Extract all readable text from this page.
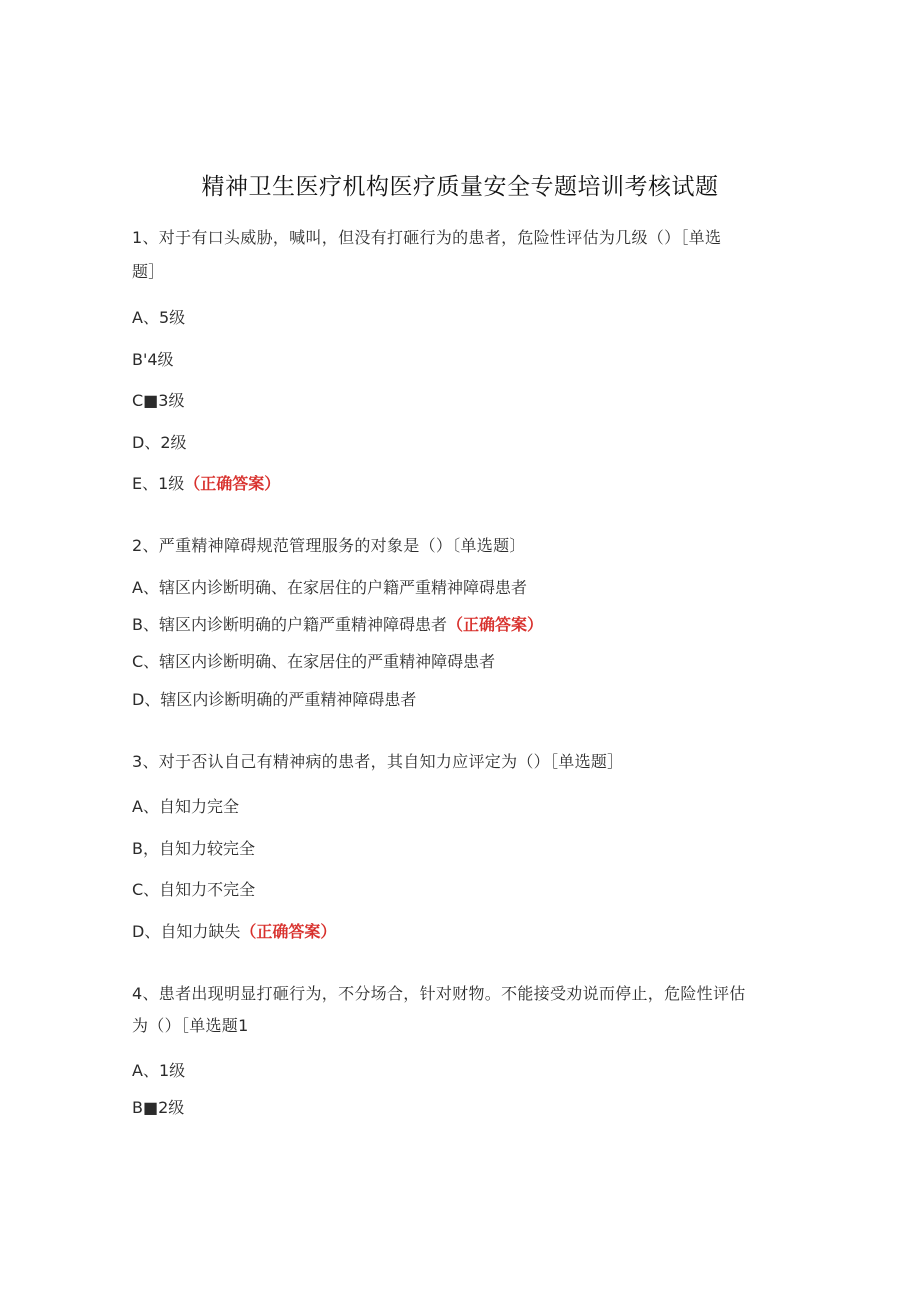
精神卫生医疗机构医疗质量安全专题培训考核试题
1、对于有口头威胁，喊叫，但没有打砸行为的患者，危险性评估为几级（）［单选
题］
A、5级
B'4级
C■3级
D、2级
E、1级（正确答案）
2、严重精神障碍规范管理服务的对象是（）〔单选题〕
A、辖区内诊断明确、在家居住的户籍严重精神障碍患者
B、辖区内诊断明确的户籍严重精神障碍患者（正确答案）
C、辖区内诊断明确、在家居住的严重精神障碍患者
D、辖区内诊断明确的严重精神障碍患者
3、对于否认自己有精神病的患者，其自知力应评定为（）［单选题］
A、自知力完全
B，自知力较完全
C、自知力不完全
D、自知力缺失（正确答案）
4、患者出现明显打砸行为，不分场合，针对财物。不能接受劝说而停止，危险性评估
为（）［单选题1
A、1级
B■2级
